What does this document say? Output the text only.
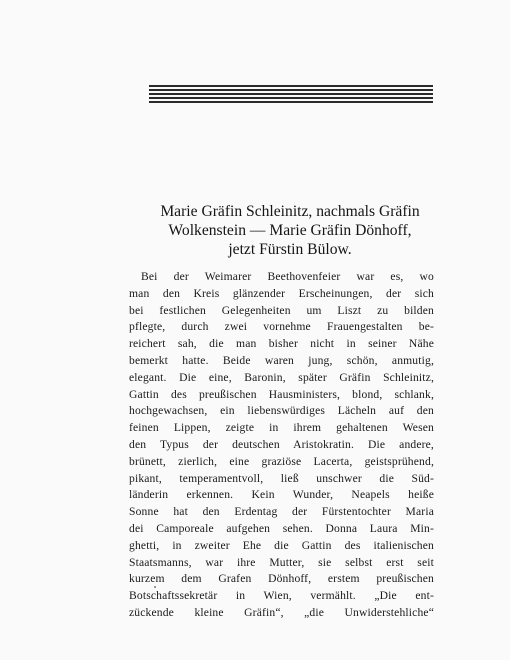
Marie Gräfin Schleinitz, nachmals Gräfin
Wolkenstein — Marie Gräfin Dönhoff,
jetzt Fürstin Bülow.
Bei der Weimarer Beethovenfeier war es, wo
man den Kreis glänzender Erscheinungen, der sich
bei festlichen Gelegenheiten um Liszt zu bilden
pflegte, durch zwei vornehme Frauengestalten be-
reichert sah, die man bisher nicht in seiner Nähe
bemerkt hatte. Beide waren jung, schön, anmutig,
elegant. Die eine, Baronin, später Gräfin Schleinitz,
Gattin des preußischen Hausministers, blond, schlank,
hochgewachsen, ein liebenswürdiges Lächeln auf den
feinen Lippen, zeigte in ihrem gehaltenen Wesen
den Typus der deutschen Aristokratin. Die andere,
brünett, zierlich, eine graziöse Lacerta, geistsprühend,
pikant, temperamentvoll, ließ unschwer die Süd-
länderin erkennen. Kein Wunder, Neapels heiße
Sonne hat den Erdentag der Fürstentochter Maria
dei Camporeale aufgehen sehen. Donna Laura Min-
ghetti, in zweiter Ehe die Gattin des italienischen
Staatsmanns, war ihre Mutter, sie selbst erst seit
kurzem dem Grafen Dönhoff, erstem preußischen
Botschaftssekretär in Wien, vermählt. „Die ent-
zückende kleine Gräfin“, „die Unwiderstehliche“
